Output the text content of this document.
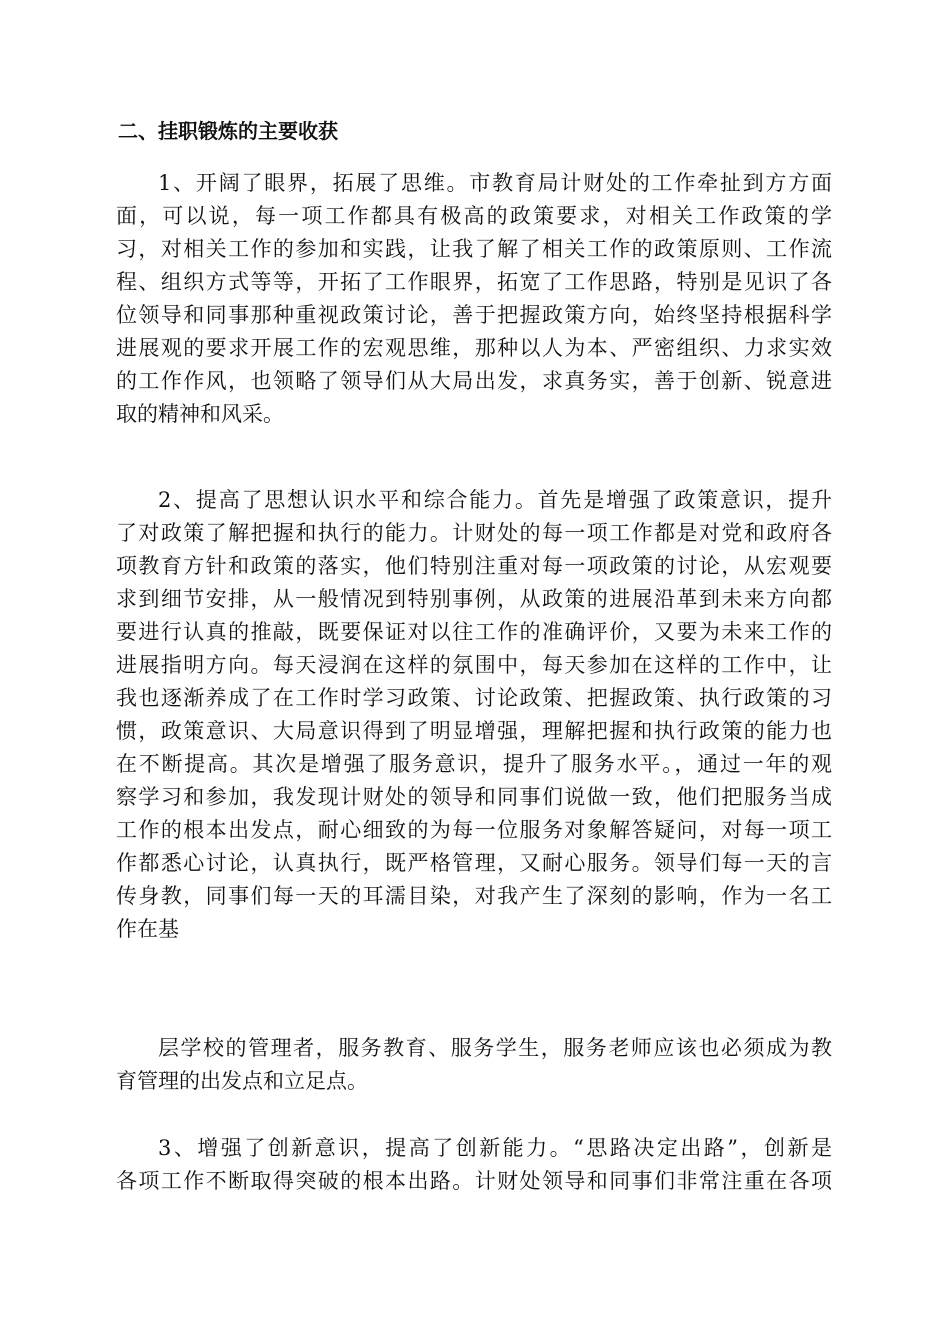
二、挂职锻炼的主要收获
1、开阔了眼界，拓展了思维。市教育局计财处的工作牵扯到方方面
面，可以说，每一项工作都具有极高的政策要求，对相关工作政策的学
习，对相关工作的参加和实践，让我了解了相关工作的政策原则、工作流
程、组织方式等等，开拓了工作眼界，拓宽了工作思路，特别是见识了各
位领导和同事那种重视政策讨论，善于把握政策方向，始终坚持根据科学
进展观的要求开展工作的宏观思维，那种以人为本、严密组织、力求实效
的工作作风，也领略了领导们从大局出发，求真务实，善于创新、锐意进
取的精神和风采。
2、提高了思想认识水平和综合能力。首先是增强了政策意识，提升
了对政策了解把握和执行的能力。计财处的每一项工作都是对党和政府各
项教育方针和政策的落实，他们特别注重对每一项政策的讨论，从宏观要
求到细节安排，从一般情况到特别事例，从政策的进展沿革到未来方向都
要进行认真的推敲，既要保证对以往工作的准确评价，又要为未来工作的
进展指明方向。每天浸润在这样的氛围中，每天参加在这样的工作中，让
我也逐渐养成了在工作时学习政策、讨论政策、把握政策、执行政策的习
惯，政策意识、大局意识得到了明显增强，理解把握和执行政策的能力也
在不断提高。其次是增强了服务意识，提升了服务水平。，通过一年的观
察学习和参加，我发现计财处的领导和同事们说做一致，他们把服务当成
工作的根本出发点，耐心细致的为每一位服务对象解答疑问，对每一项工
作都悉心讨论，认真执行，既严格管理，又耐心服务。领导们每一天的言
传身教，同事们每一天的耳濡目染，对我产生了深刻的影响，作为一名工
作在基
层学校的管理者，服务教育、服务学生，服务老师应该也必须成为教
育管理的出发点和立足点。
3、增强了创新意识，提高了创新能力。“思路决定出路”，创新是
各项工作不断取得突破的根本出路。计财处领导和同事们非常注重在各项
